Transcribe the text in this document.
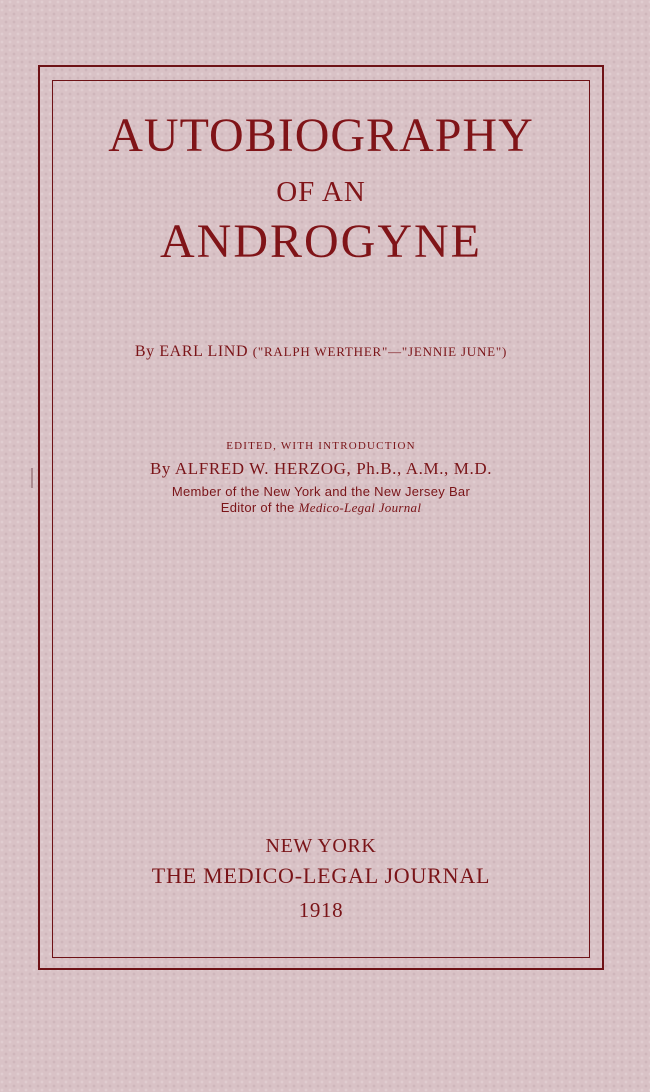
AUTOBIOGRAPHY
OF AN
ANDROGYNE
By EARL LIND ("RALPH WERTHER"—"JENNIE JUNE")
EDITED, WITH INTRODUCTION
By ALFRED W. HERZOG, Ph.B., A.M., M.D.
Member of the New York and the New Jersey Bar
Editor of the Medico-Legal Journal
NEW YORK
THE MEDICO-LEGAL JOURNAL
1918
